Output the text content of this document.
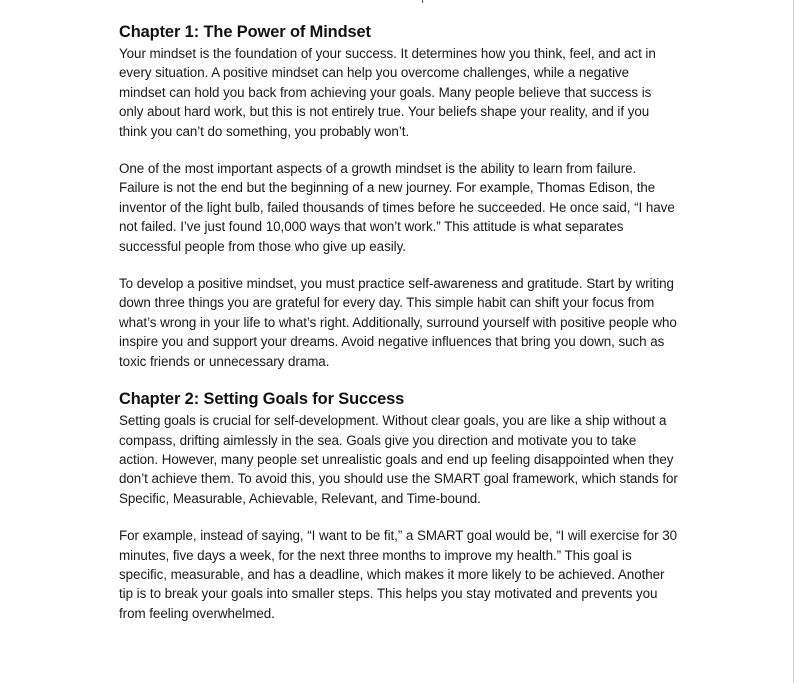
Chapter 1: The Power of Mindset

Your mindset is the foundation of your success. It determines how you think, feel, and act in every situation. A positive mindset can help you overcome challenges, while a negative mindset can hold you back from achieving your goals. Many people believe that success is only about hard work, but this is not entirely true. Your beliefs shape your reality, and if you think you can’t do something, you probably won’t.

One of the most important aspects of a growth mindset is the ability to learn from failure. Failure is not the end but the beginning of a new journey. For example, Thomas Edison, the inventor of the light bulb, failed thousands of times before he succeeded. He once said, “I have not failed. I’ve just found 10,000 ways that won’t work.” This attitude is what separates successful people from those who give up easily.

To develop a positive mindset, you must practice self-awareness and gratitude. Start by writing down three things you are grateful for every day. This simple habit can shift your focus from what’s wrong in your life to what’s right. Additionally, surround yourself with positive people who inspire you and support your dreams. Avoid negative influences that bring you down, such as toxic friends or unnecessary drama.

Chapter 2: Setting Goals for Success

Setting goals is crucial for self-development. Without clear goals, you are like a ship without a compass, drifting aimlessly in the sea. Goals give you direction and motivate you to take action. However, many people set unrealistic goals and end up feeling disappointed when they don’t achieve them. To avoid this, you should use the SMART goal framework, which stands for Specific, Measurable, Achievable, Relevant, and Time-bound.

For example, instead of saying, “I want to be fit,” a SMART goal would be, “I will exercise for 30 minutes, five days a week, for the next three months to improve my health.” This goal is specific, measurable, and has a deadline, which makes it more likely to be achieved. Another tip is to break your goals into smaller steps. This helps you stay motivated and prevents you from feeling overwhelmed.
